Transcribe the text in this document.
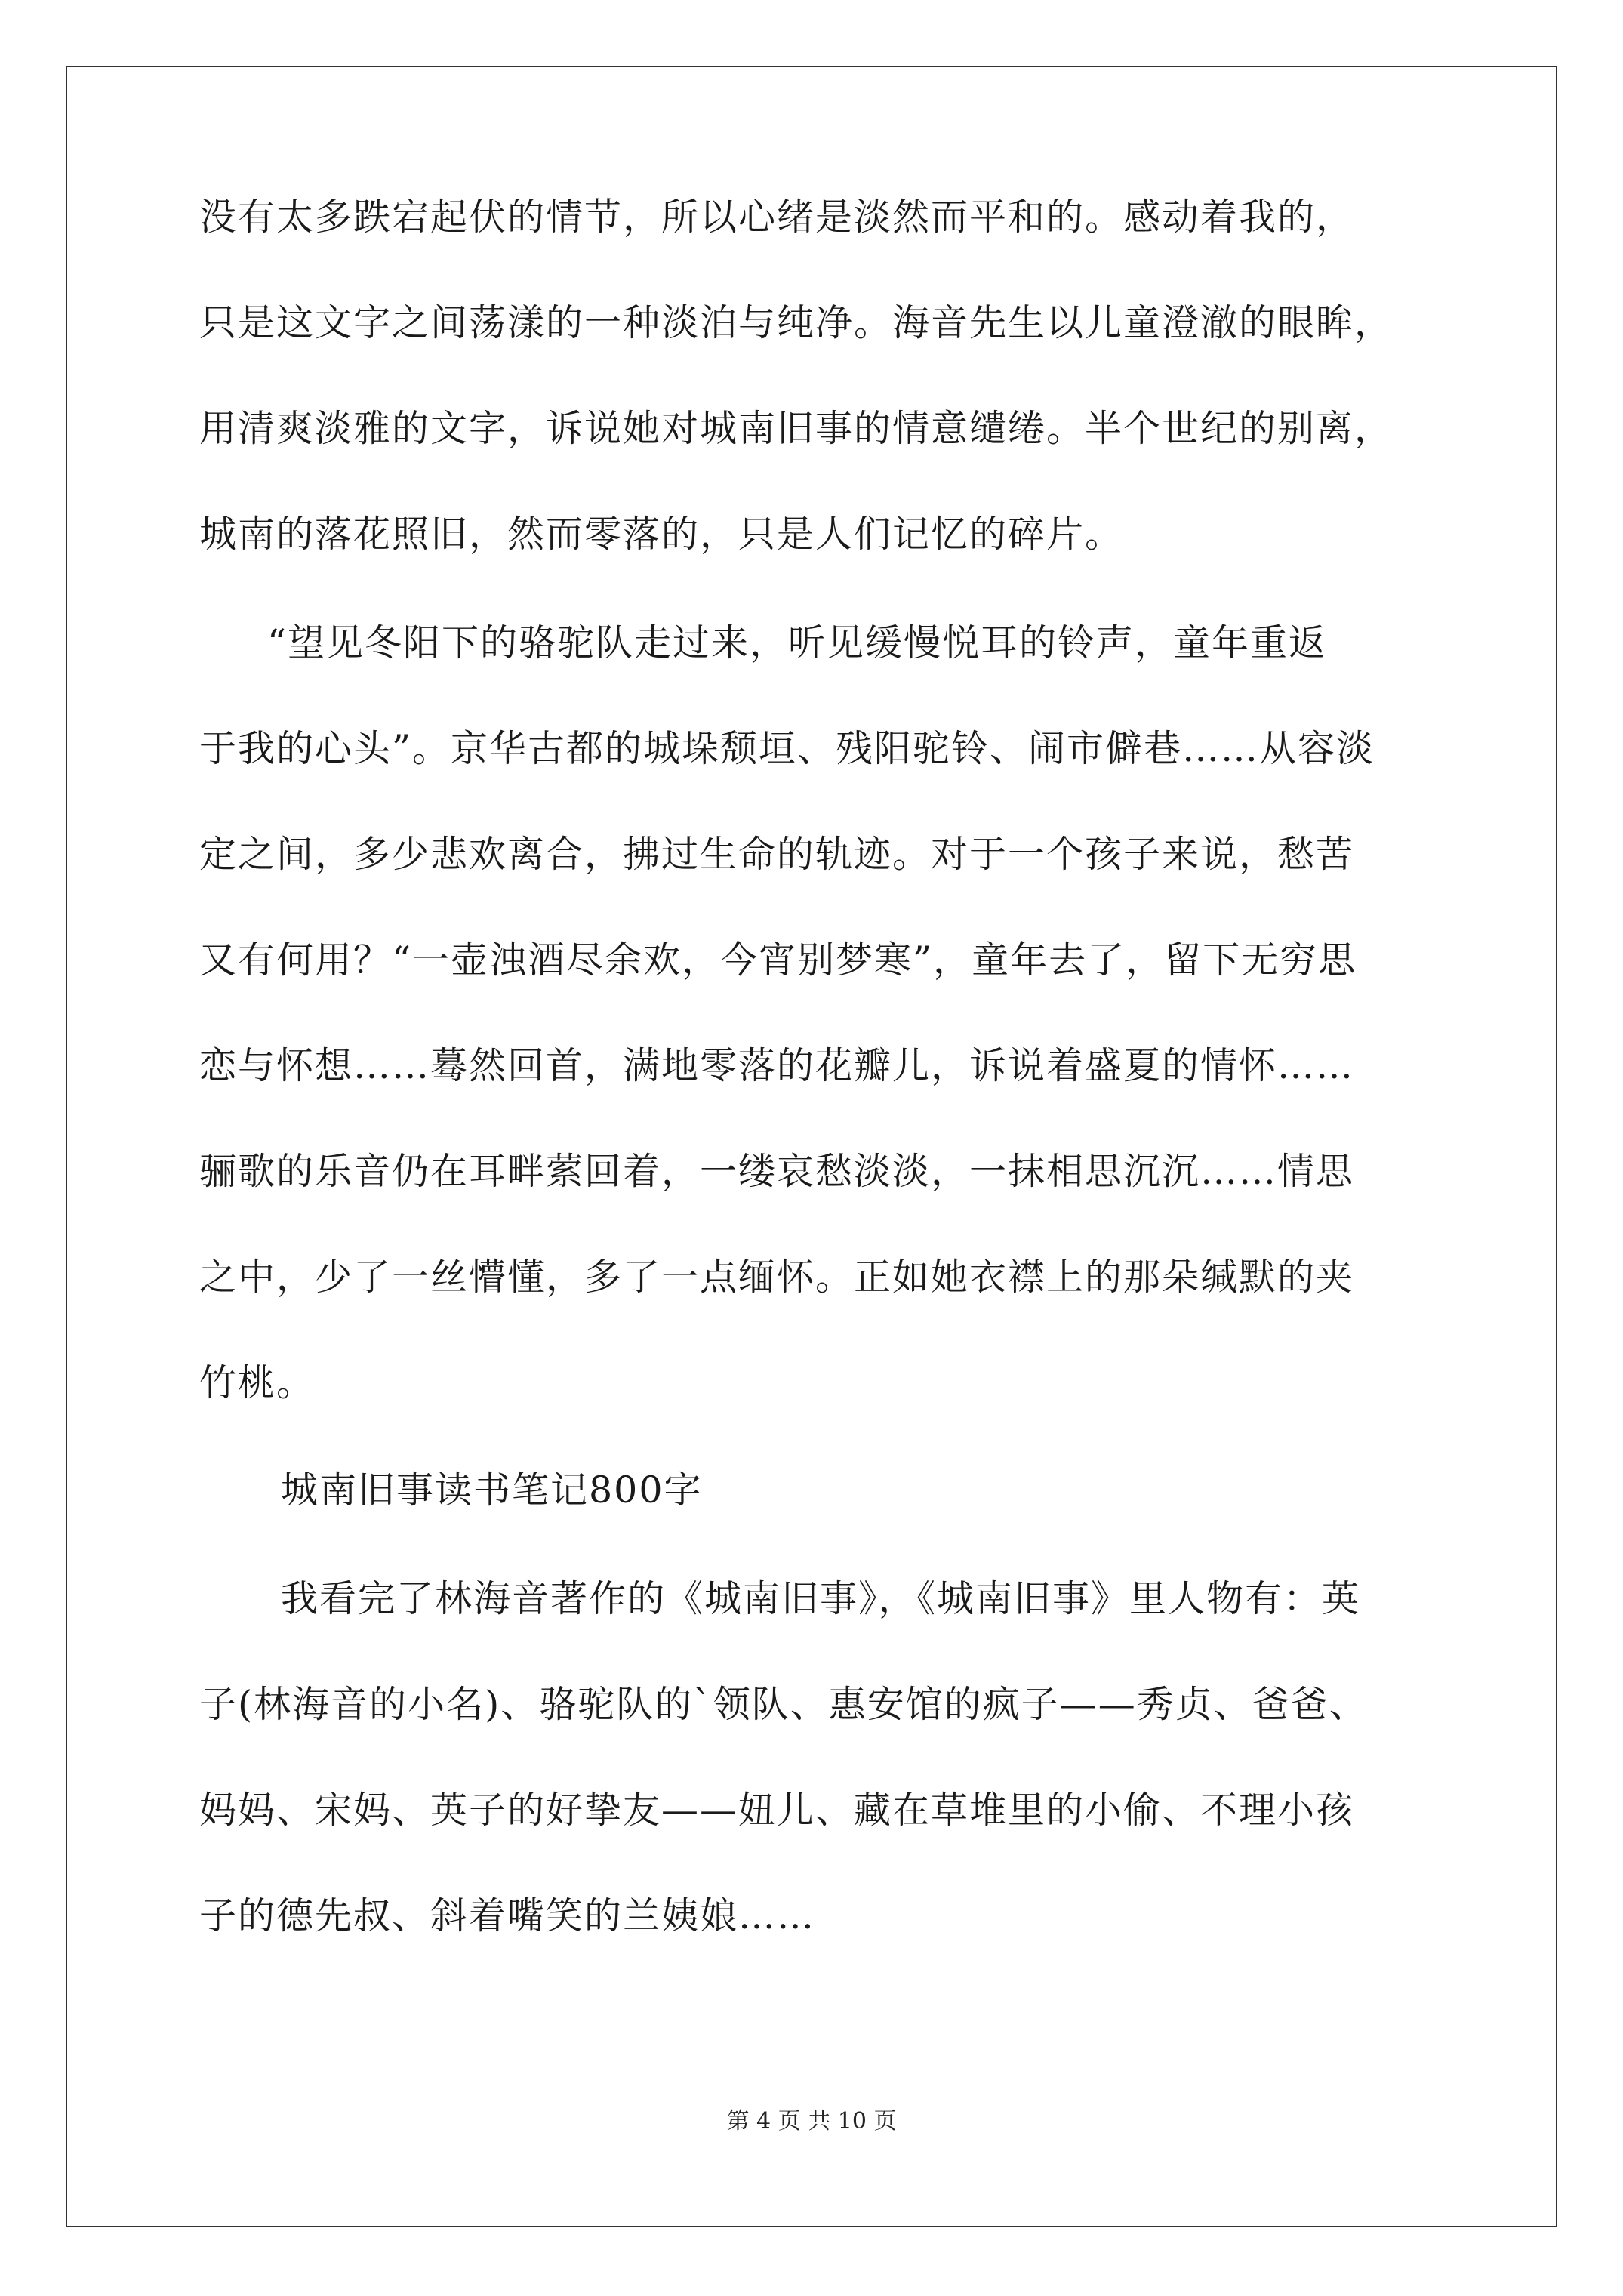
没有太多跌宕起伏的情节，所以心绪是淡然而平和的。感动着我的，
只是这文字之间荡漾的一种淡泊与纯净。海音先生以儿童澄澈的眼眸，
用清爽淡雅的文字，诉说她对城南旧事的情意缱绻。半个世纪的别离，
城南的落花照旧，然而零落的，只是人们记忆的碎片。
“望见冬阳下的骆驼队走过来，听见缓慢悦耳的铃声，童年重返
于我的心头”。京华古都的城垛颓垣、残阳驼铃、闹市僻巷……从容淡
定之间，多少悲欢离合，拂过生命的轨迹。对于一个孩子来说，愁苦
又有何用？“一壶浊酒尽余欢，今宵别梦寒”，童年去了，留下无穷思
恋与怀想……蓦然回首，满地零落的花瓣儿，诉说着盛夏的情怀……
骊歌的乐音仍在耳畔萦回着，一缕哀愁淡淡，一抹相思沉沉……情思
之中，少了一丝懵懂，多了一点缅怀。正如她衣襟上的那朵缄默的夹
竹桃。
城南旧事读书笔记800字
我看完了林海音著作的《城南旧事》，《城南旧事》里人物有：英
子(林海音的小名)、骆驼队的`领队、惠安馆的疯子——秀贞、爸爸、
妈妈、宋妈、英子的好挚友——妞儿、藏在草堆里的小偷、不理小孩
子的德先叔、斜着嘴笑的兰姨娘……
第 4 页 共 10 页
